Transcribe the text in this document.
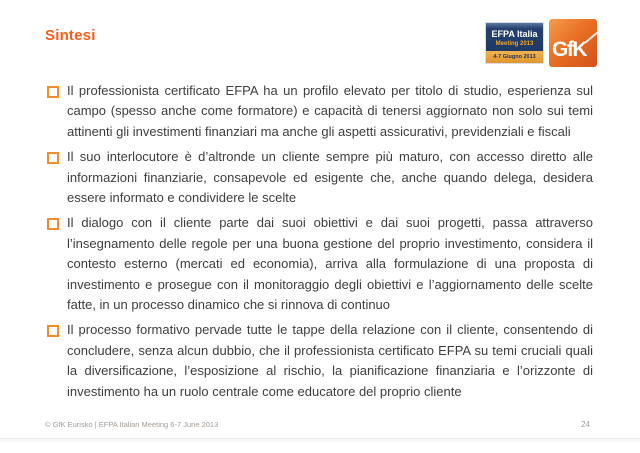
Sintesi	EFPA Italia
Meeting 2013
4-7 Giugno 2013 GfK
Il professionista certificato EFPA ha un profilo elevato per titolo di studio, esperienza sul campo (spesso anche come formatore) e capacità di tenersi aggiornato non solo sui temi attinenti gli investimenti finanziari ma anche gli aspetti assicurativi, previdenziali e fiscali
Il suo interlocutore è d’altronde un cliente sempre più maturo, con accesso diretto alle informazioni finanziarie, consapevole ed esigente che, anche quando delega, desidera essere informato e condividere le scelte
Il dialogo con il cliente parte dai suoi obiettivi e dai suoi progetti, passa attraverso l’insegnamento delle regole per una buona gestione del proprio investimento, considera il contesto esterno (mercati ed economia), arriva alla formulazione di una proposta di investimento e prosegue con il monitoraggio degli obiettivi e l’aggiornamento delle scelte fatte, in un processo dinamico che si rinnova di continuo
Il processo formativo pervade tutte le tappe della relazione con il cliente, consentendo di concludere, senza alcun dubbio, che il professionista certificato EFPA su temi cruciali quali la diversificazione, l’esposizione al rischio, la pianificazione finanziaria e l’orizzonte di investimento ha un ruolo centrale come educatore del proprio cliente
© GfK Eurisko | EFPA Italian Meeting 6-7 June 2013	24
